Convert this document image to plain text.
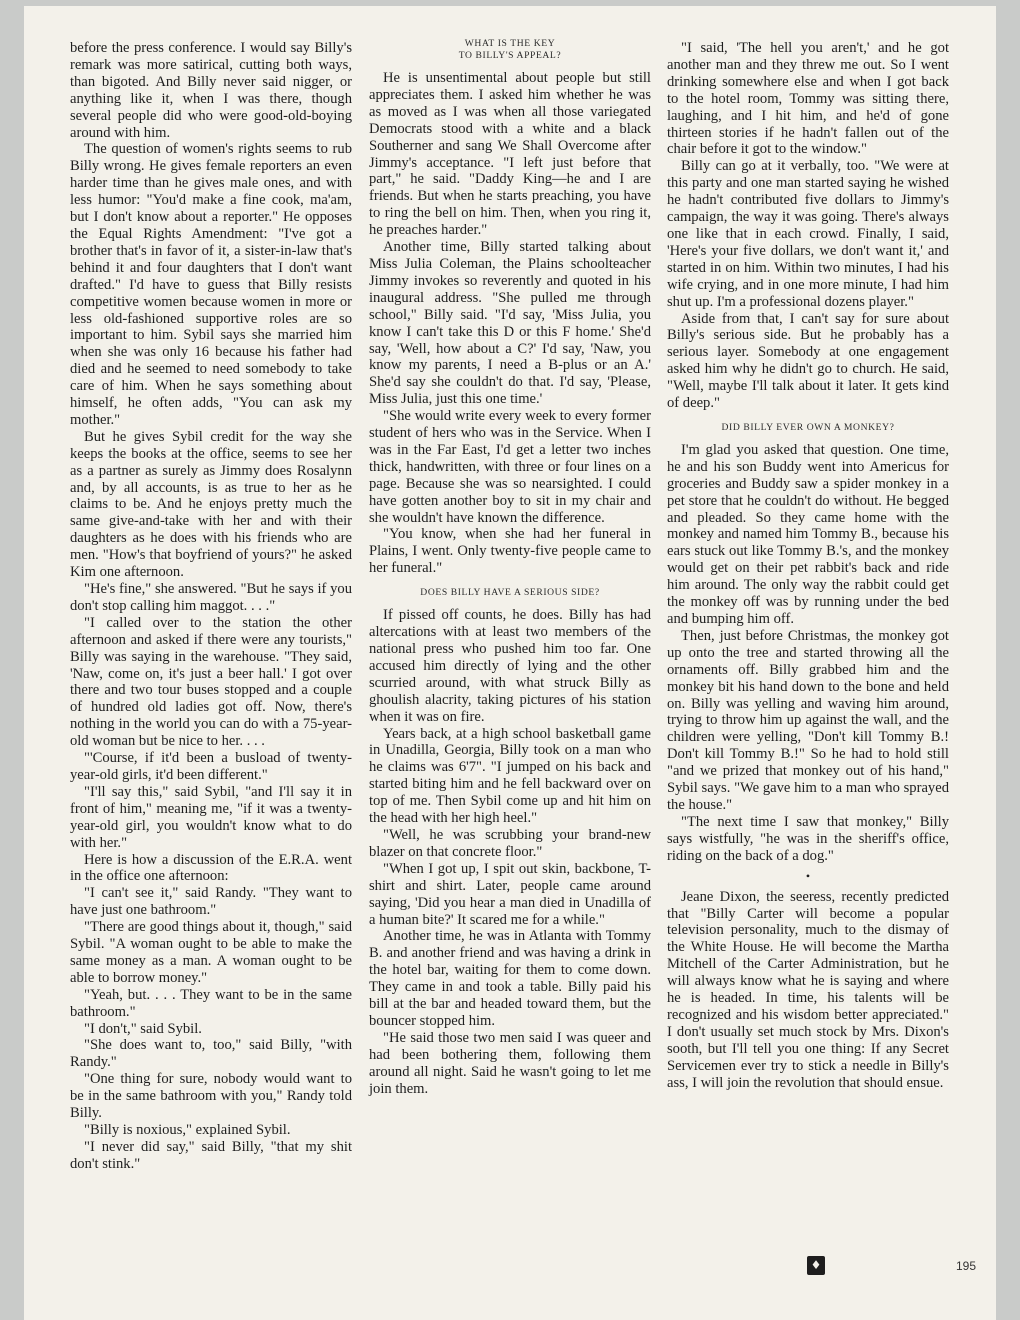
before the press conference. I would say Billy's remark was more satirical, cutting both ways, than bigoted. And Billy never said nigger, or anything like it, when I was there, though several people did who were good-old-boying around with him.

The question of women's rights seems to rub Billy wrong. He gives female reporters an even harder time than he gives male ones, and with less humor: "You'd make a fine cook, ma'am, but I don't know about a reporter." He opposes the Equal Rights Amendment: "I've got a brother that's in favor of it, a sister-in-law that's behind it and four daughters that I don't want drafted." I'd have to guess that Billy resists competitive women because women in more or less old-fashioned supportive roles are so important to him. Sybil says she married him when she was only 16 because his father had died and he seemed to need somebody to take care of him. When he says something about himself, he often adds, "You can ask my mother."

But he gives Sybil credit for the way she keeps the books at the office, seems to see her as a partner as surely as Jimmy does Rosalynn and, by all accounts, is as true to her as he claims to be. And he enjoys pretty much the same give-and-take with her and with their daughters as he does with his friends who are men. "How's that boyfriend of yours?" he asked Kim one afternoon.

"He's fine," she answered. "But he says if you don't stop calling him maggot. . . ."

"I called over to the station the other afternoon and asked if there were any tourists," Billy was saying in the warehouse. "They said, 'Naw, come on, it's just a beer hall.' I got over there and two tour buses stopped and a couple of hundred old ladies got off. Now, there's nothing in the world you can do with a 75-year-old woman but be nice to her. . . .

"'Course, if it'd been a busload of twenty-year-old girls, it'd been different."

"I'll say this," said Sybil, "and I'll say it in front of him," meaning me, "if it was a twenty-year-old girl, you wouldn't know what to do with her."

Here is how a discussion of the E.R.A. went in the office one afternoon:

"I can't see it," said Randy. "They want to have just one bathroom."

"There are good things about it, though," said Sybil. "A woman ought to be able to make the same money as a man. A woman ought to be able to borrow money."

"Yeah, but. . . . They want to be in the same bathroom."

"I don't," said Sybil.

"She does want to, too," said Billy, "with Randy."

"One thing for sure, nobody would want to be in the same bathroom with you," Randy told Billy.

"Billy is noxious," explained Sybil.

"I never did say," said Billy, "that my shit don't stink."

WHAT IS THE KEY
TO BILLY'S APPEAL?

He is unsentimental about people but still appreciates them. I asked him whether he was as moved as I was when all those variegated Democrats stood with a white and a black Southerner and sang We Shall Overcome after Jimmy's acceptance. "I left just before that part," he said. "Daddy King—he and I are friends. But when he starts preaching, you have to ring the bell on him. Then, when you ring it, he preaches harder."

Another time, Billy started talking about Miss Julia Coleman, the Plains schoolteacher Jimmy invokes so reverently and quoted in his inaugural address. "She pulled me through school," Billy said. "I'd say, 'Miss Julia, you know I can't take this D or this F home.' She'd say, 'Well, how about a C?' I'd say, 'Naw, you know my parents, I need a B-plus or an A.' She'd say she couldn't do that. I'd say, 'Please, Miss Julia, just this one time.'

"She would write every week to every former student of hers who was in the Service. When I was in the Far East, I'd get a letter two inches thick, handwritten, with three or four lines on a page. Because she was so nearsighted. I could have gotten another boy to sit in my chair and she wouldn't have known the difference.

"You know, when she had her funeral in Plains, I went. Only twenty-five people came to her funeral."

DOES BILLY HAVE A SERIOUS SIDE?

If pissed off counts, he does. Billy has had altercations with at least two members of the national press who pushed him too far. One accused him directly of lying and the other scurried around, with what struck Billy as ghoulish alacrity, taking pictures of his station when it was on fire.

Years back, at a high school basketball game in Unadilla, Georgia, Billy took on a man who he claims was 6'7". "I jumped on his back and started biting him and he fell backward over on top of me. Then Sybil come up and hit him on the head with her high heel."

"Well, he was scrubbing your brand-new blazer on that concrete floor."

"When I got up, I spit out skin, backbone, T-shirt and shirt. Later, people came around saying, 'Did you hear a man died in Unadilla of a human bite?' It scared me for a while."

Another time, he was in Atlanta with Tommy B. and another friend and was having a drink in the hotel bar, waiting for them to come down. They came in and took a table. Billy paid his bill at the bar and headed toward them, but the bouncer stopped him.

"He said those two men said I was queer and had been bothering them, following them around all night. Said he wasn't going to let me join them.

"I said, 'The hell you aren't,' and he got another man and they threw me out. So I went drinking somewhere else and when I got back to the hotel room, Tommy was sitting there, laughing, and I hit him, and he'd of gone thirteen stories if he hadn't fallen out of the chair before it got to the window."

Billy can go at it verbally, too. "We were at this party and one man started saying he wished he hadn't contributed five dollars to Jimmy's campaign, the way it was going. There's always one like that in each crowd. Finally, I said, 'Here's your five dollars, we don't want it,' and started in on him. Within two minutes, I had his wife crying, and in one more minute, I had him shut up. I'm a professional dozens player."

Aside from that, I can't say for sure about Billy's serious side. But he probably has a serious layer. Somebody at one engagement asked him why he didn't go to church. He said, "Well, maybe I'll talk about it later. It gets kind of deep."

DID BILLY EVER OWN A MONKEY?

I'm glad you asked that question. One time, he and his son Buddy went into Americus for groceries and Buddy saw a spider monkey in a pet store that he couldn't do without. He begged and pleaded. So they came home with the monkey and named him Tommy B., because his ears stuck out like Tommy B.'s, and the monkey would get on their pet rabbit's back and ride him around. The only way the rabbit could get the monkey off was by running under the bed and bumping him off.

Then, just before Christmas, the monkey got up onto the tree and started throwing all the ornaments off. Billy grabbed him and the monkey bit his hand down to the bone and held on. Billy was yelling and waving him around, trying to throw him up against the wall, and the children were yelling, "Don't kill Tommy B.! Don't kill Tommy B.!" So he had to hold still "and we prized that monkey out of his hand," Sybil says. "We gave him to a man who sprayed the house."

"The next time I saw that monkey," Billy says wistfully, "he was in the sheriff's office, riding on the back of a dog."

•

Jeane Dixon, the seeress, recently predicted that "Billy Carter will become a popular television personality, much to the dismay of the White House. He will become the Martha Mitchell of the Carter Administration, but he will always know what he is saying and where he is headed. In time, his talents will be recognized and his wisdom better appreciated." I don't usually set much stock by Mrs. Dixon's sooth, but I'll tell you one thing: If any Secret Servicemen ever try to stick a needle in Billy's ass, I will join the revolution that should ensue.

♦	195
